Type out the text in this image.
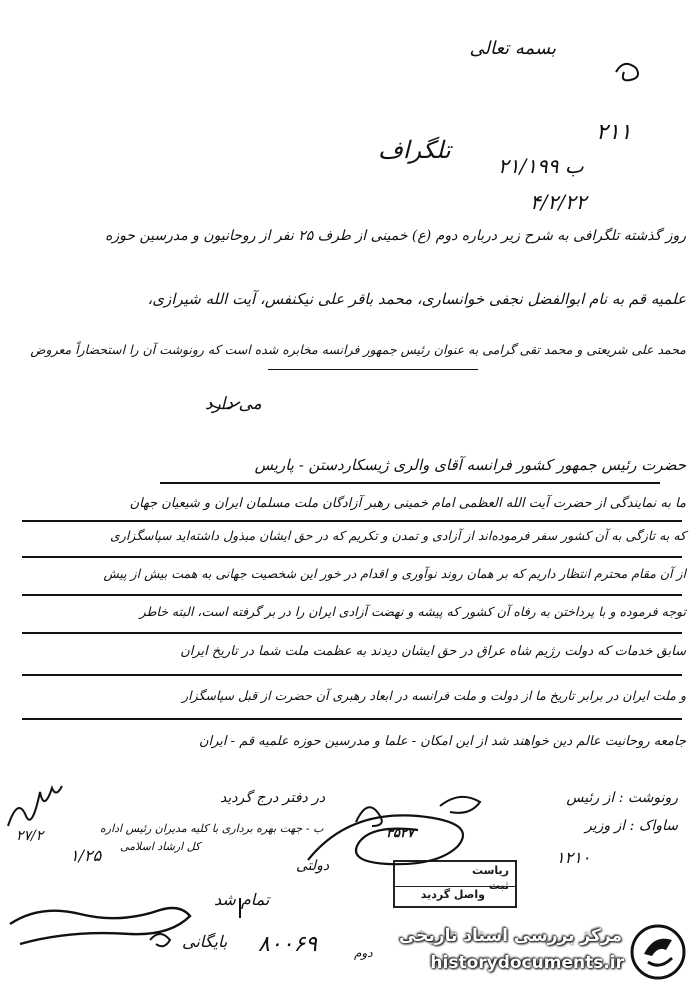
بسمه تعالی
۲۱۱
تلگراف
۲۱/۱۹۹ ب
۴/۲/۲۲
روز گذشته تلگرافی به شرح زیر درباره دوم (ع) خمینی از طرف ۲۵ نفر از روحانیون و مدرسین حوزه
علمیه قم به نام ابوالفضل نجفی خوانساری، محمد باقر علی نیکنفس، آیت الله شیرازی،
محمد علی شریعتی و محمد تقی گرامی به عنوان رئیس جمهور فرانسه مخابره شده است که رونوشت آن را استحضاراً معروض
می دارد
حضرت رئیس جمهور کشور فرانسه آقای والری ژیسکاردستن - پاریس
ما به نمایندگی از حضرت آیت الله العظمی امام خمینی رهبر آزادگان ملت مسلمان ایران و شیعیان جهان
که به تازگی به آن کشور سفر فرموده‌اند از آزادی و تمدن و تکریم که در حق ایشان مبذول داشته‌اید سپاسگزاری
از آن مقام محترم انتظار داریم که بر همان روند نوآوری و اقدام در خور این شخصیت جهانی به همت بیش از پیش
توجه فرموده و با پرداختن به رفاه آن کشور که پیشه و نهضت آزادی ایران را در بر گرفته است، البته خاطر
سابق خدمات که دولت رژیم شاه عراق در حق ایشان دیدند به عظمت ملت شما در تاریخ ایران
و ملت ایران در برابر تاریخ ما از دولت و ملت فرانسه در ابعاد رهبری آن حضرت از قبل سپاسگزار
جامعه روحانیت عالم دین خواهند شد از این امکان - علما و مدرسین حوزه علمیه قم - ایران
در دفتر درج گردید
ب - جهت بهره برداری با کلیه مدیران رئیس اداره
کل ارشاد اسلامی
۱/۲۵
۲۷/۲
رونوشت : از رئیس
ساواک : از وزیر
۱۲۱۰
دولتی	ریاست
ثبت
واصل گردید
۳۵۲۷
تمام شد
بایگانی ۸۰۰۶۹	دوم
مرکز بررسی اسناد تاریخی
historydocuments.ir
